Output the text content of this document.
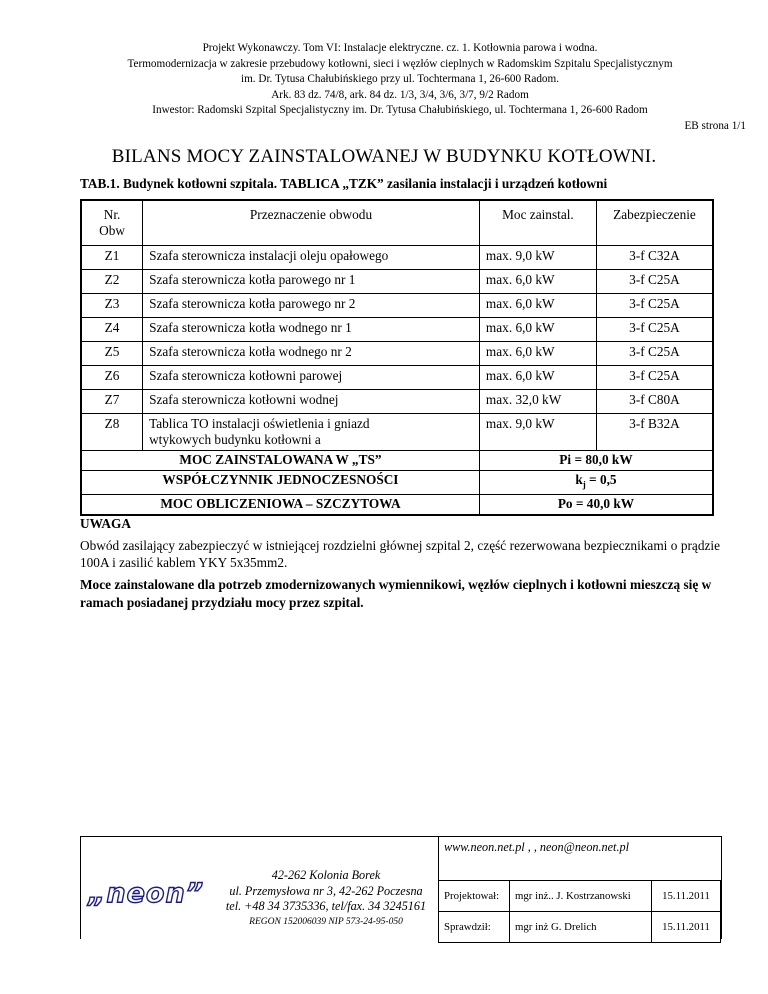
Projekt Wykonawczy. Tom VI: Instalacje elektryczne. cz. 1. Kotłownia parowa i wodna.
Termomodernizacja w zakresie przebudowy kotłowni, sieci i węzłów cieplnych w Radomskim Szpitalu Specjalistycznym
im. Dr. Tytusa Chałubińskiego przy ul. Tochtermana 1, 26-600 Radom.
Ark. 83 dz. 74/8, ark. 84 dz. 1/3, 3/4, 3/6, 3/7, 9/2 Radom
Inwestor: Radomski Szpital Specjalistyczny im. Dr. Tytusa Chałubińskiego, ul. Tochtermana 1, 26-600 Radom
EB strona 1/1
BILANS MOCY ZAINSTALOWANEJ W BUDYNKU KOTŁOWNI.
TAB.1. Budynek kotłowni szpitala. TABLICA „TZK” zasilania instalacji i urządzeń kotłowni
Nr.
Obw	Przeznaczenie obwodu	Moc zainstal.	Zabezpieczenie
Z1	Szafa sterownicza instalacji oleju opałowego	max. 9,0 kW	3-f C32A
Z2	Szafa sterownicza kotła parowego nr 1	max. 6,0 kW	3-f C25A
Z3	Szafa sterownicza kotła parowego nr 2	max. 6,0 kW	3-f C25A
Z4	Szafa sterownicza kotła wodnego nr 1	max. 6,0 kW	3-f C25A
Z5	Szafa sterownicza kotła wodnego nr 2	max. 6,0 kW	3-f C25A
Z6	Szafa sterownicza kotłowni parowej	max. 6,0 kW	3-f C25A
Z7	Szafa sterownicza kotłowni wodnej	max. 32,0 kW	3-f C80A
Z8	Tablica TO instalacji oświetlenia i gniazd
wtykowych budynku kotłowni a	max. 9,0 kW	3-f B32A
MOC ZAINSTALOWANA W „TS”		Pi = 80,0 kW	
WSPÓŁCZYNNIK JEDNOCZESNOŚCI		$k_j = 0,5$	
MOC OBLICZENIOWA – SZCZYTOWA		Po = 40,0 kW	
UWAGA
Obwód zasilający zabezpieczyć w istniejącej rozdzielni głównej szpital 2, część rezerwowana bezpiecznikami o prądzie 100A i zasilić kablem YKY 5x35mm2.
Moce zainstalowane dla potrzeb zmodernizowanych wymiennikowi, węzłów cieplnych i kotłowni mieszczą się w ramach posiadanej przydziału mocy przez szpital.
„neon”
42-262 Kolonia Borek
ul. Przemysłowa nr 3, 42-262 Poczesna
tel. +48 34 3735336, tel/fax. 34 3245161
REGON 152006039 NIP 573-24-95-050
www.neon.net.pl , , neon@neon.net.pl
Projektował:	mgr inż.. J. Kostrzanowski	15.11.2011
Sprawdził:	mgr inż G. Drelich	15.11.2011
